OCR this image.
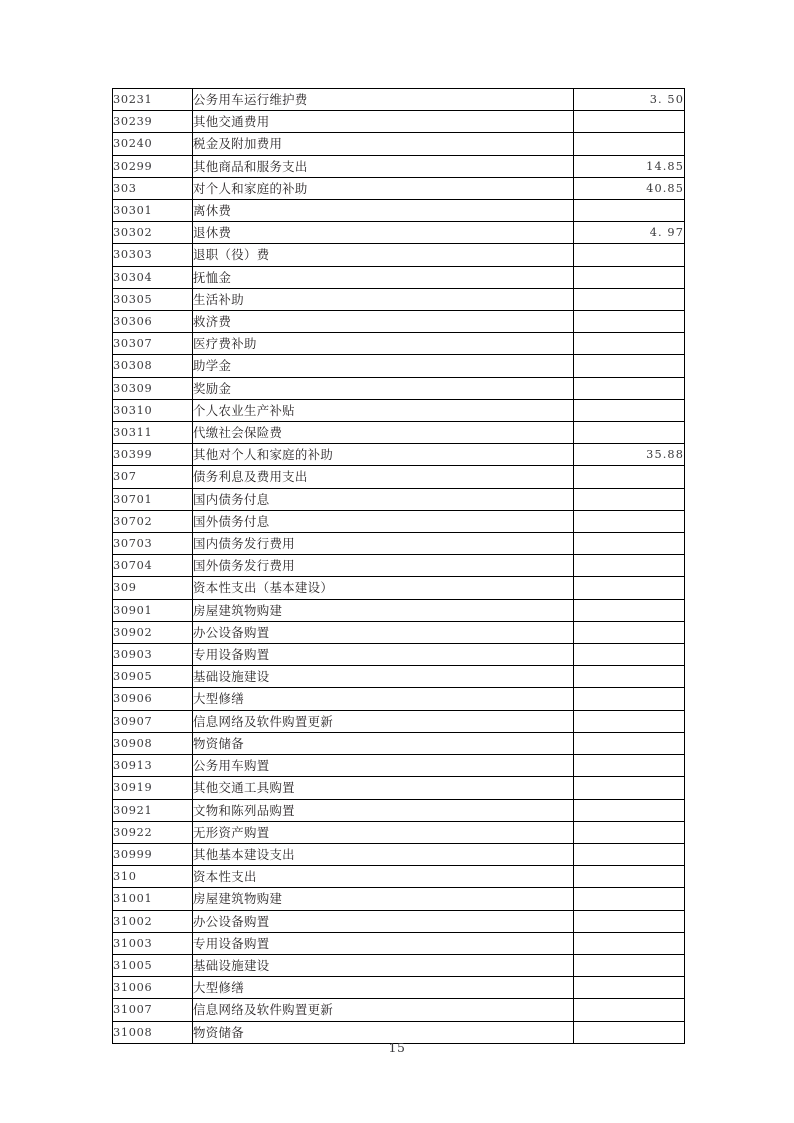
30231	公务用车运行维护费	3. 50
30239	其他交通费用	
30240	税金及附加费用	
30299	其他商品和服务支出	14.85
303	对个人和家庭的补助	40.85
30301	离休费	
30302	退休费	4. 97
30303	退职（役）费	
30304	抚恤金	
30305	生活补助	
30306	救济费	
30307	医疗费补助	
30308	助学金	
30309	奖励金	
30310	个人农业生产补贴	
30311	代缴社会保险费	
30399	其他对个人和家庭的补助	35.88
307	债务利息及费用支出	
30701	国内债务付息	
30702	国外债务付息	
30703	国内债务发行费用	
30704	国外债务发行费用	
309	资本性支出（基本建设）	
30901	房屋建筑物购建	
30902	办公设备购置	
30903	专用设备购置	
30905	基础设施建设	
30906	大型修缮	
30907	信息网络及软件购置更新	
30908	物资储备	
30913	公务用车购置	
30919	其他交通工具购置	
30921	文物和陈列品购置	
30922	无形资产购置	
30999	其他基本建设支出	
310	资本性支出	
31001	房屋建筑物购建	
31002	办公设备购置	
31003	专用设备购置	
31005	基础设施建设	
31006	大型修缮	
31007	信息网络及软件购置更新	
31008	物资储备	
15
